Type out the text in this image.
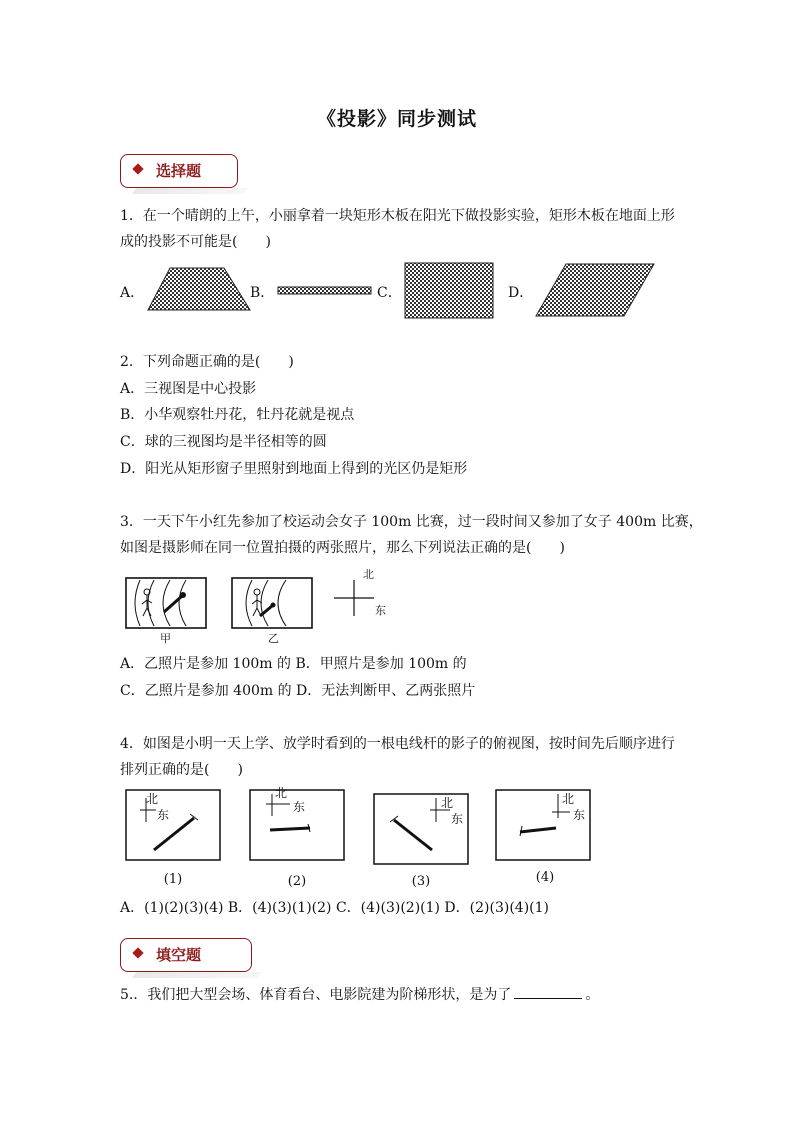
《投影》同步测试
选择题
1．在一个晴朗的上午，小丽拿着一块矩形木板在阳光下做投影实验，矩形木板在地面上形
成的投影不可能是(　　)
A．	B．	C．	D．
2．下列命题正确的是(　　)
A．三视图是中心投影
B．小华观察牡丹花，牡丹花就是视点
C．球的三视图均是半径相等的圆
D．阳光从矩形窗子里照射到地面上得到的光区仍是矩形
3．一天下午小红先参加了校运动会女子 100m 比赛，过一段时间又参加了女子 400m 比赛，
如图是摄影师在同一位置拍摄的两张照片，那么下列说法正确的是(　　)
北
东
甲	乙
A．乙照片是参加 100m 的 B．甲照片是参加 100m 的
C．乙照片是参加 400m 的 D．无法判断甲、乙两张照片
4．如图是小明一天上学、放学时看到的一根电线杆的影子的俯视图，按时间先后顺序进行
排列正确的是(　　)
北
东
北
东
北
东
北
东
(1)	(2)	(3)	(4)
A．(1)(2)(3)(4) B．(4)(3)(1)(2) C．(4)(3)(2)(1) D．(2)(3)(4)(1)
填空题
5.．我们把大型会场、体育看台、电影院建为阶梯形状，是为了	。
